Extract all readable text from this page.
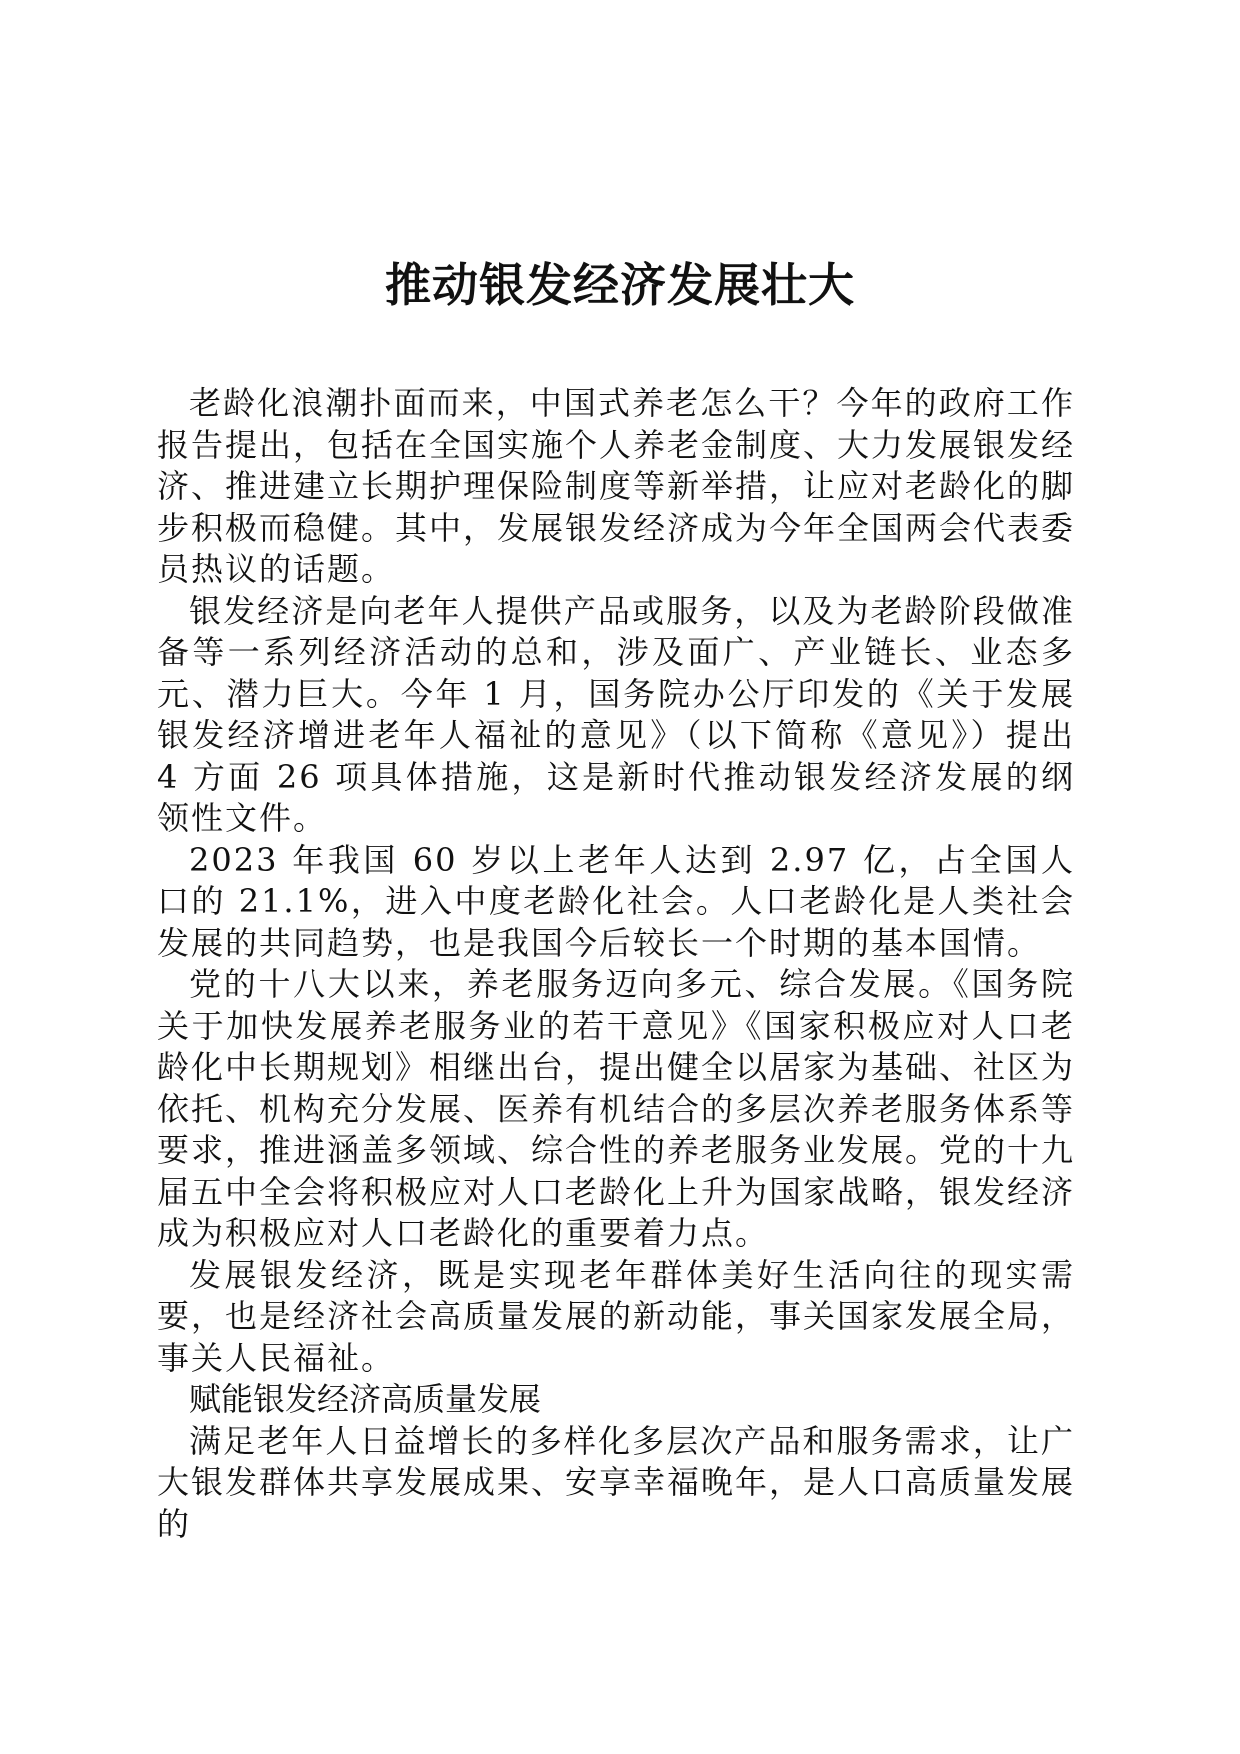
推动银发经济发展壮大

老龄化浪潮扑面而来，中国式养老怎么干？今年的政府工作报告提出，包括在全国实施个人养老金制度、大力发展银发经济、推进建立长期护理保险制度等新举措，让应对老龄化的脚步积极而稳健。其中，发展银发经济成为今年全国两会代表委员热议的话题。

银发经济是向老年人提供产品或服务，以及为老龄阶段做准备等一系列经济活动的总和，涉及面广、产业链长、业态多元、潜力巨大。今年 1 月，国务院办公厅印发的《关于发展银发经济增进老年人福祉的意见》（以下简称《意见》）提出 4 方面 26 项具体措施，这是新时代推动银发经济发展的纲领性文件。

2023 年我国 60 岁以上老年人达到 2.97 亿，占全国人口的 21.1%，进入中度老龄化社会。人口老龄化是人类社会发展的共同趋势，也是我国今后较长一个时期的基本国情。

党的十八大以来，养老服务迈向多元、综合发展。《国务院关于加快发展养老服务业的若干意见》《国家积极应对人口老龄化中长期规划》相继出台，提出健全以居家为基础、社区为依托、机构充分发展、医养有机结合的多层次养老服务体系等要求，推进涵盖多领域、综合性的养老服务业发展。党的十九届五中全会将积极应对人口老龄化上升为国家战略，银发经济成为积极应对人口老龄化的重要着力点。

发展银发经济，既是实现老年群体美好生活向往的现实需要，也是经济社会高质量发展的新动能，事关国家发展全局，事关人民福祉。

赋能银发经济高质量发展

满足老年人日益增长的多样化多层次产品和服务需求，让广大银发群体共享发展成果、安享幸福晚年，是人口高质量发展的
